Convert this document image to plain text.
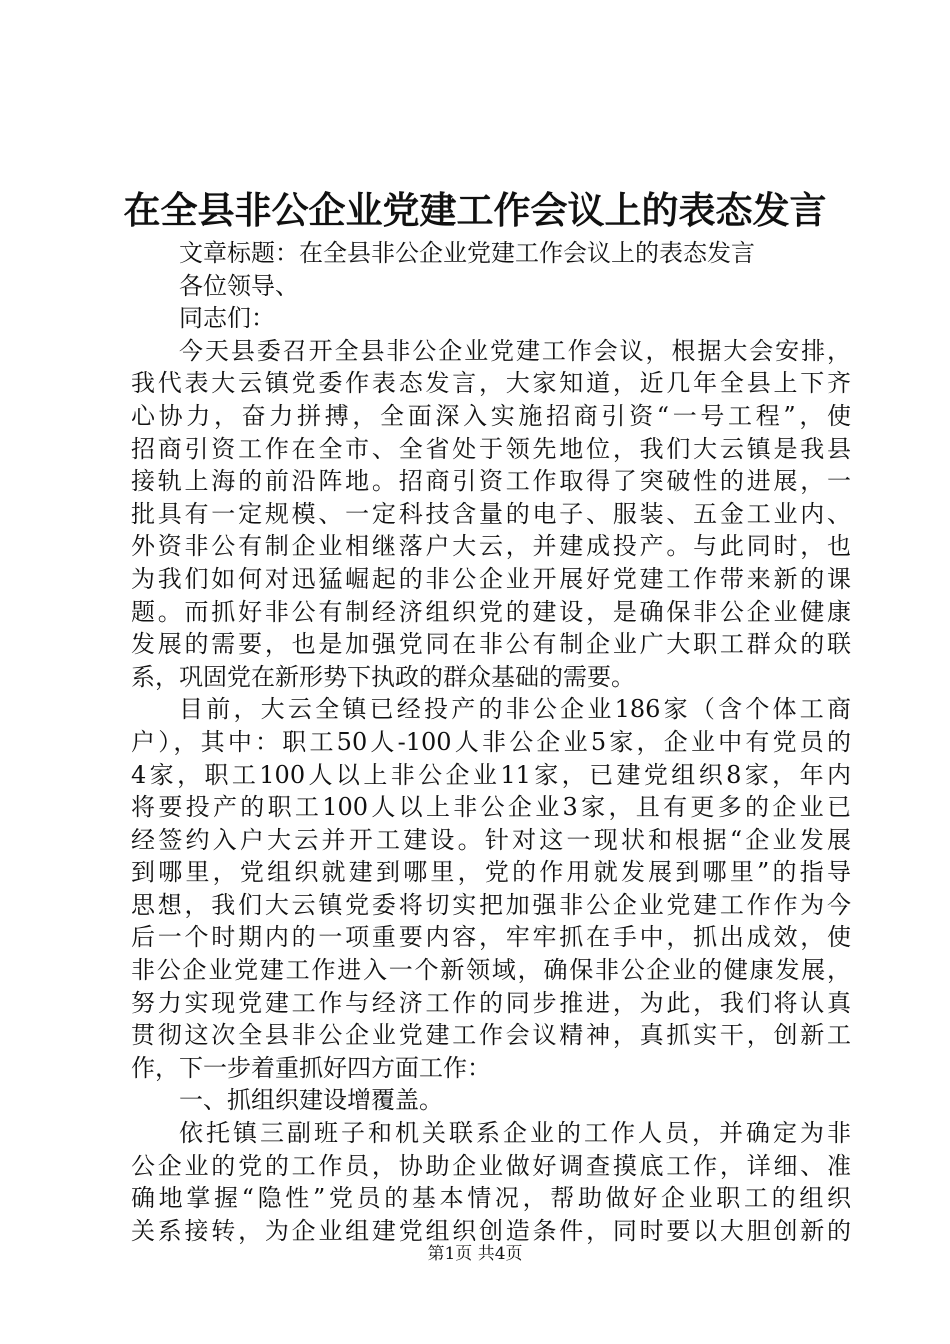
在全县非公企业党建工作会议上的表态发言
文章标题：在全县非公企业党建工作会议上的表态发言
各位领导、
同志们：
今天县委召开全县非公企业党建工作会议，根据大会安排，
我代表大云镇党委作表态发言，大家知道，近几年全县上下齐
心协力，奋力拼搏，全面深入实施招商引资“一号工程”，使
招商引资工作在全市、全省处于领先地位，我们大云镇是我县
接轨上海的前沿阵地。招商引资工作取得了突破性的进展，一
批具有一定规模、一定科技含量的电子、服装、五金工业内、
外资非公有制企业相继落户大云，并建成投产。与此同时，也
为我们如何对迅猛崛起的非公企业开展好党建工作带来新的课
题。而抓好非公有制经济组织党的建设，是确保非公企业健康
发展的需要，也是加强党同在非公有制企业广大职工群众的联
系，巩固党在新形势下执政的群众基础的需要。
目前，大云全镇已经投产的非公企业186家（含个体工商
户），其中：职工50人-100人非公企业5家，企业中有党员的
4家，职工100人以上非公企业11家，已建党组织8家，年内
将要投产的职工100人以上非公企业3家，且有更多的企业已
经签约入户大云并开工建设。针对这一现状和根据“企业发展
到哪里，党组织就建到哪里，党的作用就发展到哪里”的指导
思想，我们大云镇党委将切实把加强非公企业党建工作作为今
后一个时期内的一项重要内容，牢牢抓在手中，抓出成效，使
非公企业党建工作进入一个新领域，确保非公企业的健康发展，
努力实现党建工作与经济工作的同步推进，为此，我们将认真
贯彻这次全县非公企业党建工作会议精神，真抓实干，创新工
作，下一步着重抓好四方面工作：
一、抓组织建设增覆盖。
依托镇三副班子和机关联系企业的工作人员，并确定为非
公企业的党的工作员，协助企业做好调查摸底工作，详细、准
确地掌握“隐性”党员的基本情况，帮助做好企业职工的组织
关系接转，为企业组建党组织创造条件，同时要以大胆创新的
第1页 共4页
